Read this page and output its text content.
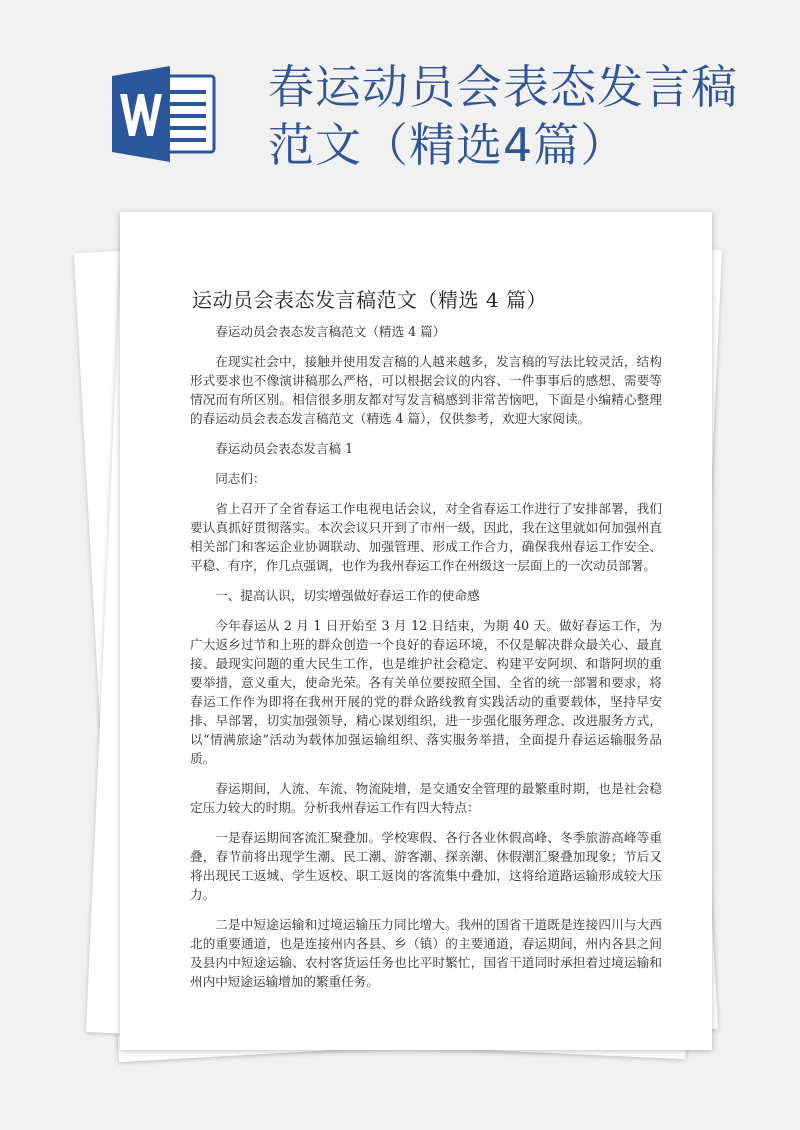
春运动员会表态发言稿
范文（精选4篇）
运动员会表态发言稿范文（精选 4 篇）

春运动员会表态发言稿范文（精选 4 篇）

在现实社会中，接触并使用发言稿的人越来越多，发言稿的写法比较灵活，结构形式要求也不像演讲稿那么严格，可以根据会议的内容、一件事事后的感想、需要等情况而有所区别。相信很多朋友都对写发言稿感到非常苦恼吧，下面是小编精心整理的春运动员会表态发言稿范文（精选 4 篇），仅供参考，欢迎大家阅读。

春运动员会表态发言稿 1

同志们：

省上召开了全省春运工作电视电话会议，对全省春运工作进行了安排部署，我们要认真抓好贯彻落实。本次会议只开到了市州一级，因此，我在这里就如何加强州直相关部门和客运企业协调联动、加强管理、形成工作合力，确保我州春运工作安全、平稳、有序，作几点强调，也作为我州春运工作在州级这一层面上的一次动员部署。

一、提高认识，切实增强做好春运工作的使命感

今年春运从 2 月 1 日开始至 3 月 12 日结束，为期 40 天。做好春运工作，为广大返乡过节和上班的群众创造一个良好的春运环境，不仅是解决群众最关心、最直接、最现实问题的重大民生工作，也是维护社会稳定、构建平安阿坝、和谐阿坝的重要举措，意义重大，使命光荣。各有关单位要按照全国、全省的统一部署和要求，将春运工作作为即将在我州开展的党的群众路线教育实践活动的重要载体，坚持早安排、早部署，切实加强领导，精心谋划组织，进一步强化服务理念、改进服务方式，以“情满旅途”活动为载体加强运输组织、落实服务举措，全面提升春运运输服务品质。

春运期间，人流、车流、物流陡增，是交通安全管理的最繁重时期，也是社会稳定压力较大的时期。分析我州春运工作有四大特点：

一是春运期间客流汇聚叠加。学校寒假、各行各业休假高峰、冬季旅游高峰等重叠，春节前将出现学生潮、民工潮、游客潮、探亲潮、休假潮汇聚叠加现象；节后又将出现民工返城、学生返校、职工返岗的客流集中叠加，这将给道路运输形成较大压力。

二是中短途运输和过境运输压力同比增大。我州的国省干道既是连接四川与大西北的重要通道，也是连接州内各县、乡（镇）的主要通道，春运期间，州内各县之间及县内中短途运输、农村客货运任务也比平时繁忙，国省干道同时承担着过境运输和州内中短途运输增加的繁重任务。
